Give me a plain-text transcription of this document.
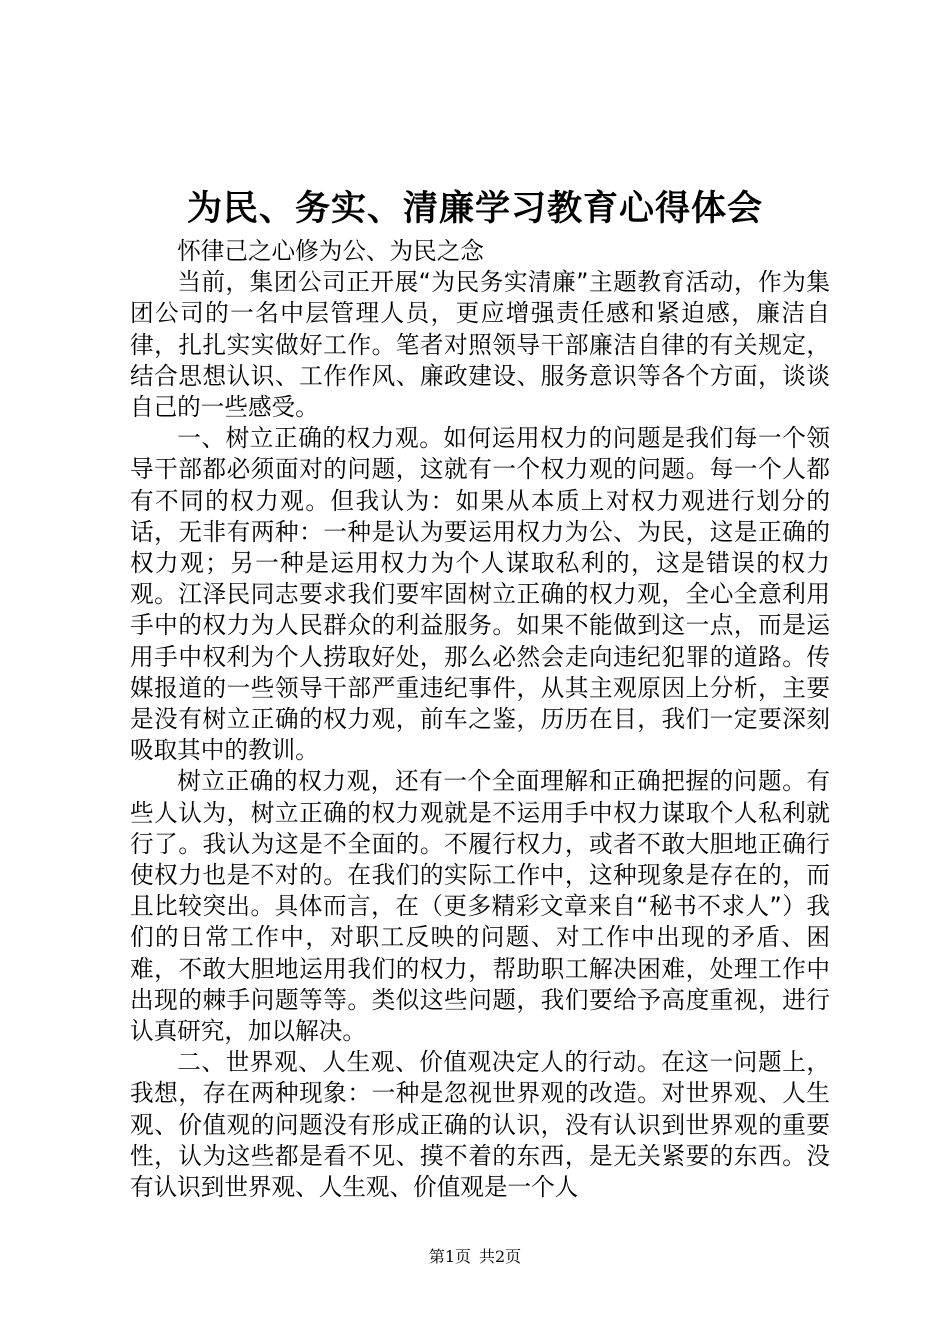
为民、务实、清廉学习教育心得体会

怀律己之心修为公、为民之念

当前，集团公司正开展“为民务实清廉”主题教育活动，作为集团公司的一名中层管理人员，更应增强责任感和紧迫感，廉洁自律，扎扎实实做好工作。笔者对照领导干部廉洁自律的有关规定，结合思想认识、工作作风、廉政建设、服务意识等各个方面，谈谈自己的一些感受。

一、树立正确的权力观。如何运用权力的问题是我们每一个领导干部都必须面对的问题，这就有一个权力观的问题。每一个人都有不同的权力观。但我认为：如果从本质上对权力观进行划分的话，无非有两种：一种是认为要运用权力为公、为民，这是正确的权力观；另一种是运用权力为个人谋取私利的，这是错误的权力观。江泽民同志要求我们要牢固树立正确的权力观，全心全意利用手中的权力为人民群众的利益服务。如果不能做到这一点，而是运用手中权利为个人捞取好处，那么必然会走向违纪犯罪的道路。传媒报道的一些领导干部严重违纪事件，从其主观原因上分析，主要是没有树立正确的权力观，前车之鉴，历历在目，我们一定要深刻吸取其中的教训。

树立正确的权力观，还有一个全面理解和正确把握的问题。有些人认为，树立正确的权力观就是不运用手中权力谋取个人私利就行了。我认为这是不全面的。不履行权力，或者不敢大胆地正确行使权力也是不对的。在我们的实际工作中，这种现象是存在的，而且比较突出。具体而言，在（更多精彩文章来自“秘书不求人”）我们的日常工作中，对职工反映的问题、对工作中出现的矛盾、困难，不敢大胆地运用我们的权力，帮助职工解决困难，处理工作中出现的棘手问题等等。类似这些问题，我们要给予高度重视，进行认真研究，加以解决。

二、世界观、人生观、价值观决定人的行动。在这一问题上，我想，存在两种现象：一种是忽视世界观的改造。对世界观、人生观、价值观的问题没有形成正确的认识，没有认识到世界观的重要性，认为这些都是看不见、摸不着的东西，是无关紧要的东西。没有认识到世界观、人生观、价值观是一个人

第1页 共2页
